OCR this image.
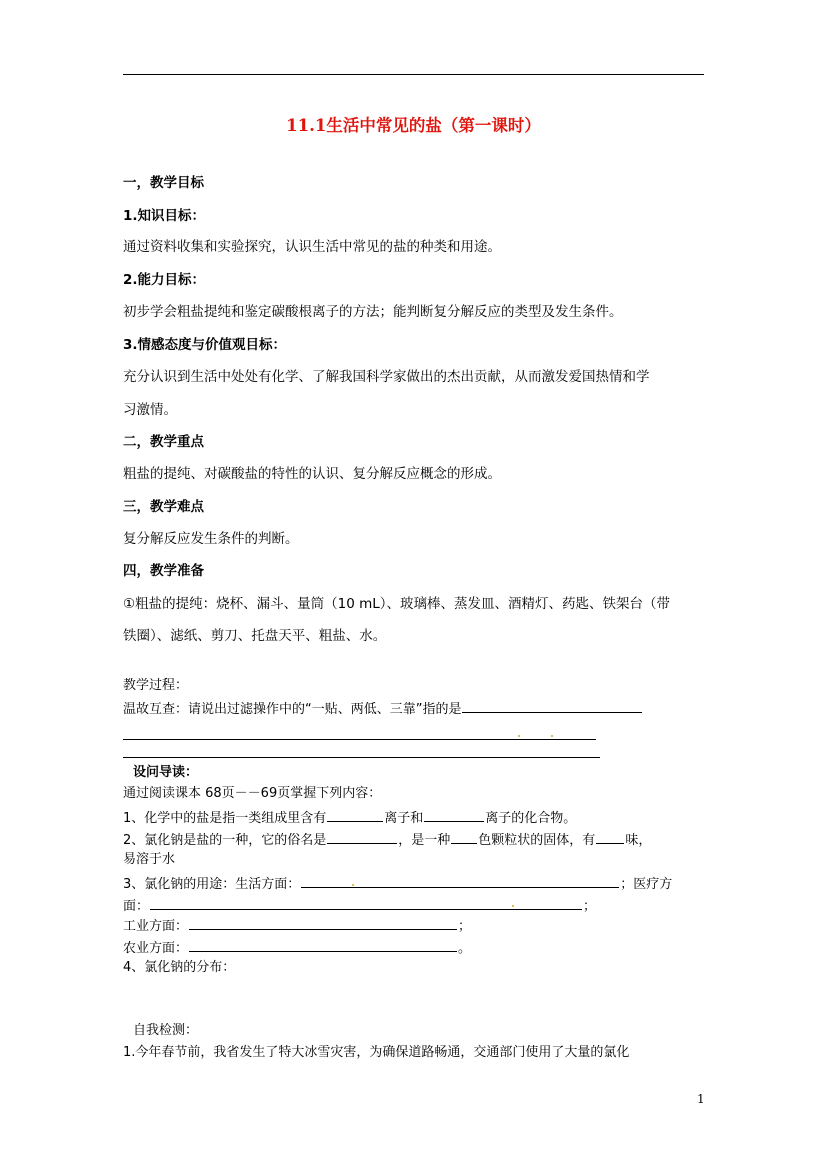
11.1生活中常见的盐（第一课时）
一，教学目标
1.知识目标：
通过资料收集和实验探究，认识生活中常见的盐的种类和用途。
2.能力目标：
初步学会粗盐提纯和鉴定碳酸根离子的方法；能判断复分解反应的类型及发生条件。
3.情感态度与价值观目标：
充分认识到生活中处处有化学、了解我国科学家做出的杰出贡献，从而激发爱国热情和学
习激情。
二，教学重点
粗盐的提纯、对碳酸盐的特性的认识、复分解反应概念的形成。
三，教学难点
复分解反应发生条件的判断。
四，教学准备
①粗盐的提纯：烧杯、漏斗、量筒（10 mL）、玻璃棒、蒸发皿、酒精灯、药匙、铁架台（带
铁圈）、滤纸、剪刀、托盘天平、粗盐、水。
教学过程：
温故互查：请说出过滤操作中的“一贴、两低、三靠”指的是
设问导读：
通过阅读课本 68页－－69页掌握下列内容：
1、化学中的盐是指一类组成里含有	离子和	离子的化合物。
2、氯化钠是盐的一种，它的俗名是	，是一种 色颗粒状的固体，有 味，
易溶于水
3、氯化钠的用途：生活方面：	；医疗方
面：	；
工业方面：	；
农业方面：	。
4、氯化钠的分布：
自我检测：
1.今年春节前，我省发生了特大冰雪灾害，为确保道路畅通，交通部门使用了大量的氯化
1
